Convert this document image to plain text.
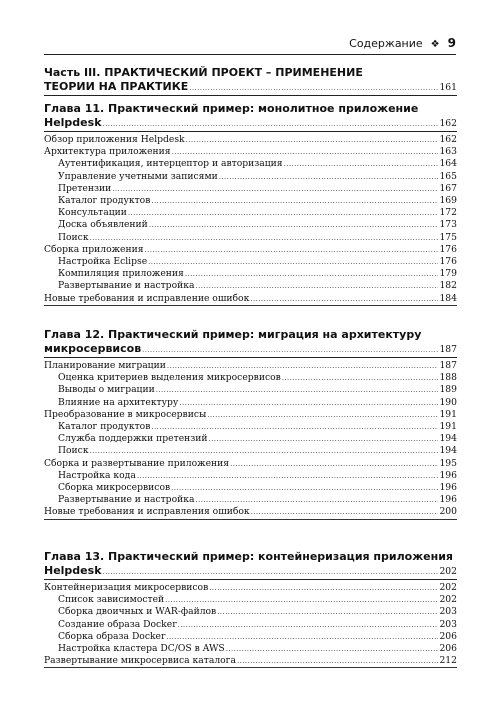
Содержание ❖ 9
Часть III. ПРАКТИЧЕСКИЙ ПРОЕКТ – ПРИМЕНЕНИЕ
ТЕОРИИ НА ПРАКТИКЕ .....	161
Глава 11. Практический пример: монолитное приложение
Helpdesk .....	162
Обзор приложения Helpdesk .....	162
Архитектура приложения .....	163
Аутентификация, интерцептор и авторизация .....	164
Управление учетными записями .....	165
Претензии .....	167
Каталог продуктов .....	169
Консультации .....	172
Доска объявлений .....	173
Поиск .....	175
Сборка приложения .....	176
Настройка Eclipse .....	176
Компиляция приложения .....	179
Развертывание и настройка .....	182
Новые требования и исправление ошибок .....	184
Глава 12. Практический пример: миграция на архитектуру
микросервисов .....	187
Планирование миграции .....	187
Оценка критериев выделения микросервисов .....	188
Выводы о миграции .....	189
Влияние на архитектуру .....	190
Преобразование в микросервисы .....	191
Каталог продуктов .....	191
Служба поддержки претензий .....	194
Поиск .....	194
Сборка и развертывание приложения .....	195
Настройка кода .....	196
Сборка микросервисов .....	196
Развертывание и настройка .....	196
Новые требования и исправления ошибок .....	200
Глава 13. Практический пример: контейнеризация приложения
Helpdesk .....	202
Контейнеризация микросервисов .....	202
Список зависимостей .....	202
Сборка двоичных и WAR-файлов .....	203
Создание образа Docker .....	203
Сборка образа Docker .....	206
Настройка кластера DC/OS в AWS .....	206
Развертывание микросервиса каталога .....	212
